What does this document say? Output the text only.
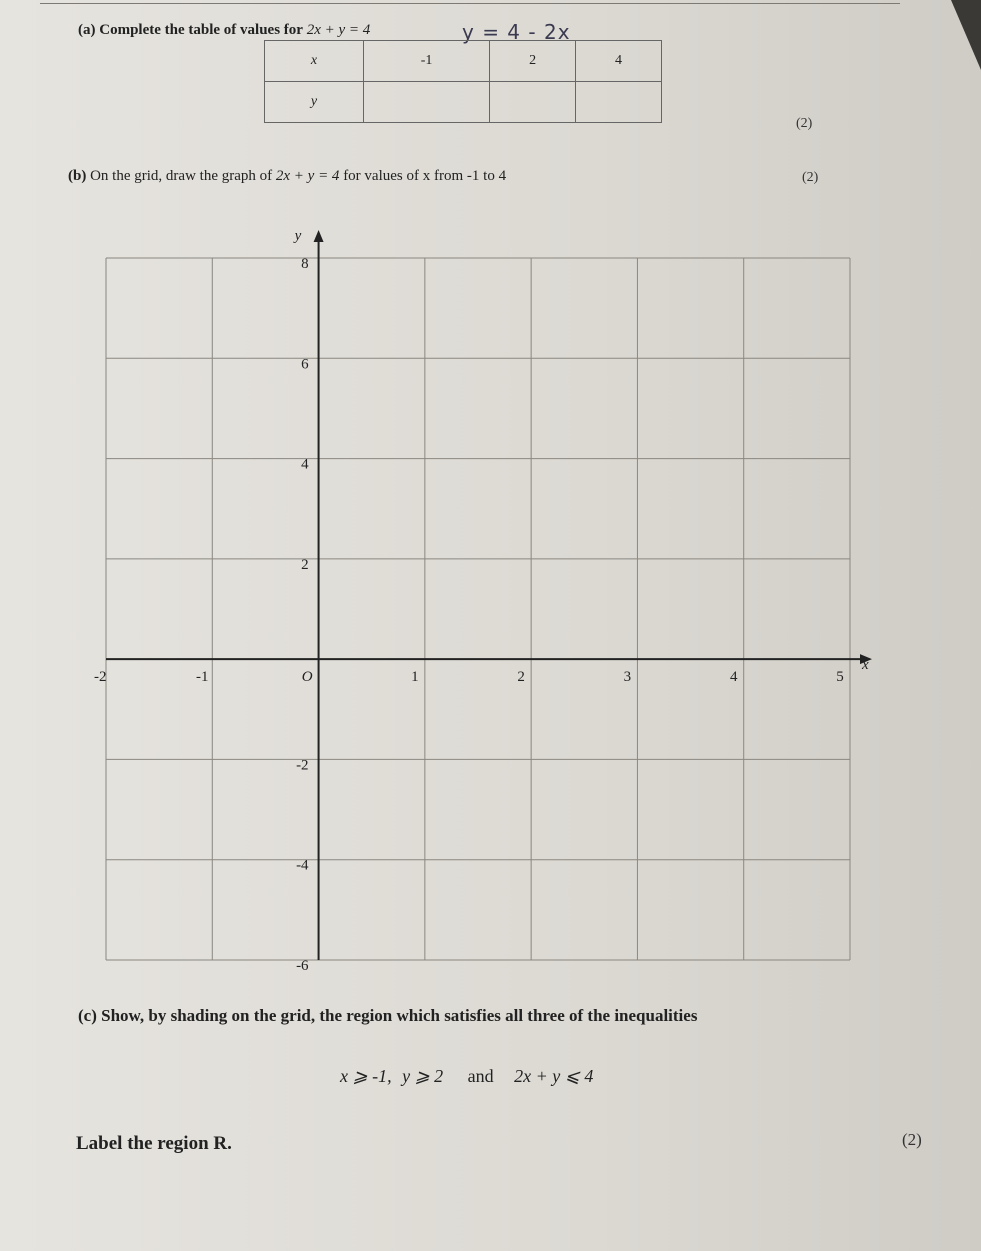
(a) Complete the table of values for 2x + y = 4	y = 4 - 2x
x	-1	2	4
y			
(2)
(b) On the grid, draw the graph of 2x + y = 4 for values of x from -1 to 4	(2)
x
y
-2	-1	O	1	2	3	4	5
8
6
4
2
-2
-4
-6
(c) Show, by shading on the grid, the region which satisfies all three of the inequalities
x ⩾ -1, y ⩾ 2 and 2x + y ⩽ 4
Label the region R.	(2)
